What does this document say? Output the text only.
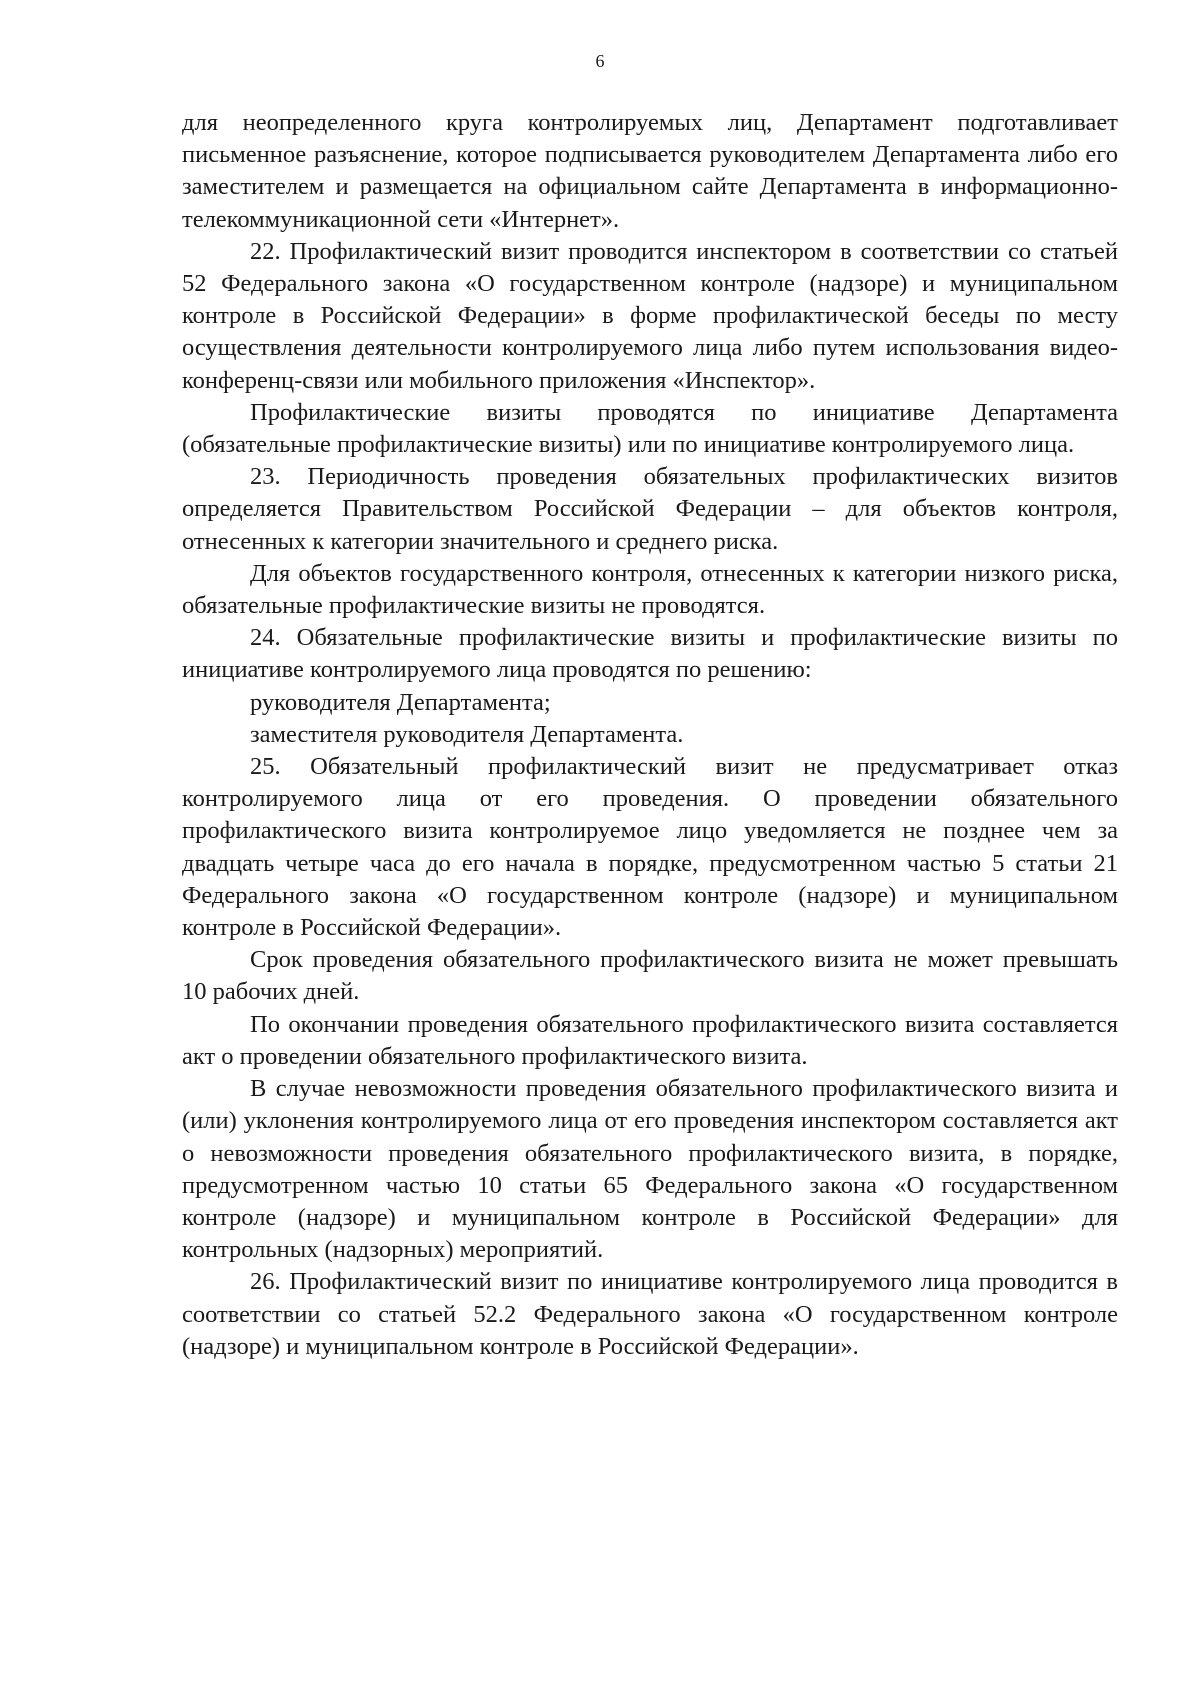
6

для неопределенного круга контролируемых лиц, Департамент подготавливает письменное разъяснение, которое подписывается руководителем Департамента либо его заместителем и размещается на официальном сайте Департамента в информационно-телекоммуникационной сети «Интернет».

22. Профилактический визит проводится инспектором в соответствии со статьей 52 Федерального закона «О государственном контроле (надзоре) и муниципальном контроле в Российской Федерации» в форме профилактической беседы по месту осуществления деятельности контролируемого лица либо путем использования видео-конференц-связи или мобильного приложения «Инспектор».

Профилактические визиты проводятся по инициативе Департамента (обязательные профилактические визиты) или по инициативе контролируемого лица.

23. Периодичность проведения обязательных профилактических визитов определяется Правительством Российской Федерации – для объектов контроля, отнесенных к категории значительного и среднего риска.

Для объектов государственного контроля, отнесенных к категории низкого риска, обязательные профилактические визиты не проводятся.

24. Обязательные профилактические визиты и профилактические визиты по инициативе контролируемого лица проводятся по решению:

руководителя Департамента;

заместителя руководителя Департамента.

25. Обязательный профилактический визит не предусматривает отказ контролируемого лица от его проведения. О проведении обязательного профилактического визита контролируемое лицо уведомляется не позднее чем за двадцать четыре часа до его начала в порядке, предусмотренном частью 5 статьи 21 Федерального закона «О государственном контроле (надзоре) и муниципальном контроле в Российской Федерации».

Срок проведения обязательного профилактического визита не может превышать 10 рабочих дней.

По окончании проведения обязательного профилактического визита составляется акт о проведении обязательного профилактического визита.

В случае невозможности проведения обязательного профилактического визита и (или) уклонения контролируемого лица от его проведения инспектором составляется акт о невозможности проведения обязательного профилактического визита, в порядке, предусмотренном частью 10 статьи 65 Федерального закона «О государственном контроле (надзоре) и муниципальном контроле в Российской Федерации» для контрольных (надзорных) мероприятий.

26. Профилактический визит по инициативе контролируемого лица проводится в соответствии со статьей 52.2 Федерального закона «О государственном контроле (надзоре) и муниципальном контроле в Российской Федерации».
